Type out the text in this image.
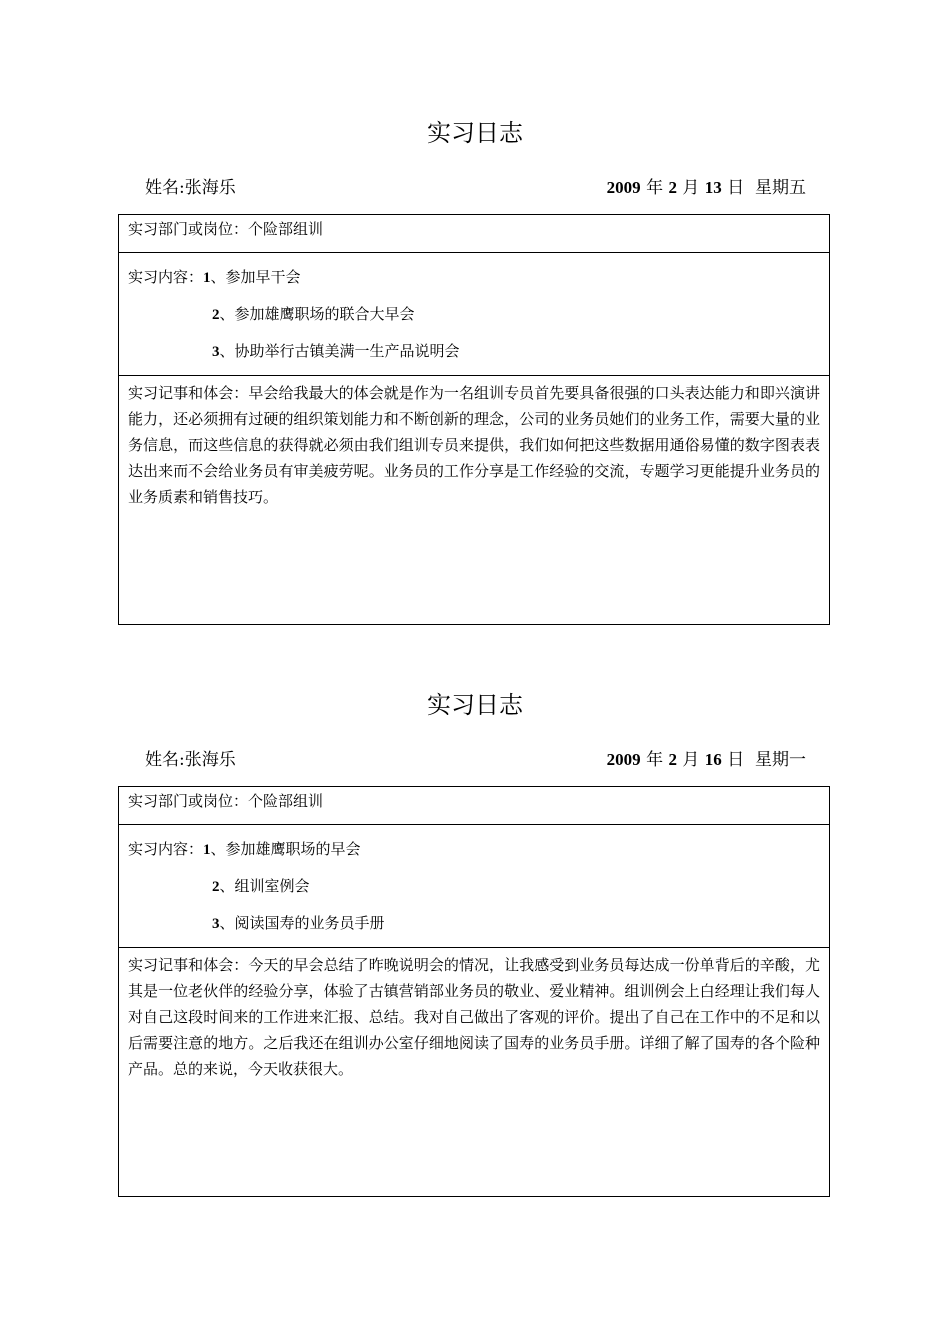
实习日志
姓名:张海乐	2009 年 2 月 13 日 星期五
实习部门或岗位：个险部组训
实习内容：1、参加早干会
2、参加雄鹰职场的联合大早会
3、协助举行古镇美满一生产品说明会
实习记事和体会：早会给我最大的体会就是作为一名组训专员首先要具备很强的口头表达能力和即兴演讲能力，还必须拥有过硬的组织策划能力和不断创新的理念，公司的业务员她们的业务工作，需要大量的业务信息，而这些信息的获得就必须由我们组训专员来提供，我们如何把这些数据用通俗易懂的数字图表表达出来而不会给业务员有审美疲劳呢。业务员的工作分享是工作经验的交流，专题学习更能提升业务员的业务质素和销售技巧。
实习日志
姓名:张海乐	2009 年 2 月 16 日 星期一
实习部门或岗位：个险部组训
实习内容：1、参加雄鹰职场的早会
2、组训室例会
3、阅读国寿的业务员手册
实习记事和体会：今天的早会总结了昨晚说明会的情况，让我感受到业务员每达成一份单背后的辛酸，尤其是一位老伙伴的经验分享，体验了古镇营销部业务员的敬业、爱业精神。组训例会上白经理让我们每人对自己这段时间来的工作进来汇报、总结。我对自己做出了客观的评价。提出了自己在工作中的不足和以后需要注意的地方。之后我还在组训办公室仔细地阅读了国寿的业务员手册。详细了解了国寿的各个险种产品。总的来说，今天收获很大。
